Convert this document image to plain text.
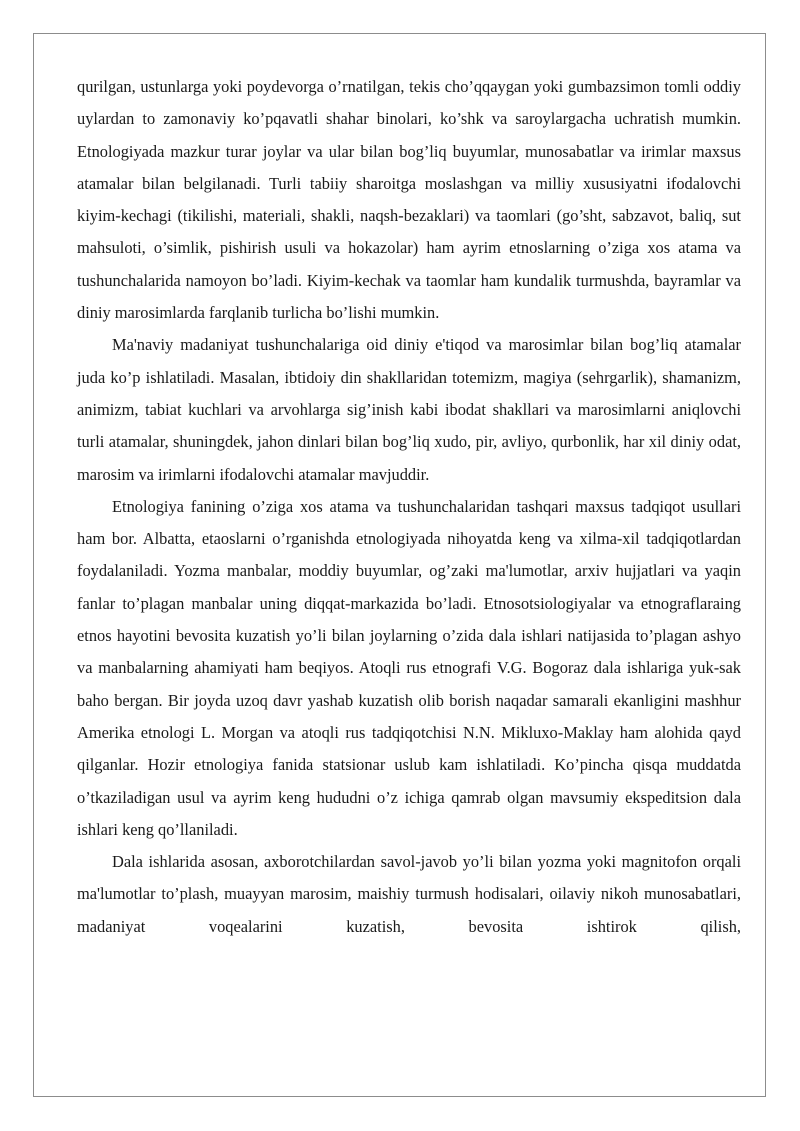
qurilgan, ustunlarga yoki poydevorga o’rnatilgan, tekis cho’qqaygan yoki gumbazsimon tomli oddiy uylardan to zamonaviy ko’pqavatli shahar binolari, ko’shk va saroylargacha uchratish mumkin. Etnologiyada mazkur turar joylar va ular bilan bog’liq buyumlar, munosabatlar va irimlar maxsus atamalar bilan belgilanadi. Turli tabiiy sharoitga moslashgan va milliy xususiyatni ifodalovchi kiyim-kechagi (tikilishi, materiali, shakli, naqsh-bezaklari) va taomlari (go’sht, sabzavot, baliq, sut mahsuloti, o’simlik, pishirish usuli va hokazolar) ham ayrim etnoslarning o’ziga xos atama va tushunchalarida namoyon bo’ladi. Kiyim-kechak va taomlar ham kundalik turmushda, bayramlar va diniy marosimlarda farqlanib turlicha bo’lishi mumkin.

Ma'naviy madaniyat tushunchalariga oid diniy e'tiqod va marosimlar bilan bog’liq atamalar juda ko’p ishlatiladi. Masalan, ibtidoiy din shakllaridan totemizm, magiya (sehrgarlik), shamanizm, animizm, tabiat kuchlari va arvohlarga sig’inish kabi ibodat shakllari va marosimlarni aniqlovchi turli atamalar, shuningdek, jahon dinlari bilan bog’liq xudo, pir, avliyo, qurbonlik, har xil diniy odat, marosim va irimlarni ifodalovchi atamalar mavjuddir.

Etnologiya fanining o’ziga xos atama va tushunchalaridan tashqari maxsus tadqiqot usullari ham bor. Albatta, etaoslarni o’rganishda etnologiyada nihoyatda keng va xilma-xil tadqiqotlardan foydalaniladi. Yozma manbalar, moddiy buyumlar, og’zaki ma'lumotlar, arxiv hujjatlari va yaqin fanlar to’plagan manbalar uning diqqat-markazida bo’ladi. Etnosotsiologiyalar va etnograflaraing etnos hayotini bevosita kuzatish yo’li bilan joylarning o’zida dala ishlari natijasida to’plagan ashyo va manbalarning ahamiyati ham beqiyos. Atoqli rus etnografi V.G. Bogoraz dala ishlariga yuk-sak baho bergan. Bir joyda uzoq davr yashab kuzatish olib borish naqadar samarali ekanligini mashhur Amerika etnologi L. Morgan va atoqli rus tadqiqotchisi N.N. Mikluxo-Maklay ham alohida qayd qilganlar. Hozir etnologiya fanida statsionar uslub kam ishlatiladi. Ko’pincha qisqa muddatda o’tkaziladigan usul va ayrim keng hududni o’z ichiga qamrab olgan mavsumiy ekspeditsion dala ishlari keng qo’llaniladi.

Dala ishlarida asosan, axborotchilardan savol-javob yo’li bilan yozma yoki magnitofon orqali ma'lumotlar to’plash, muayyan marosim, maishiy turmush hodisalari, oilaviy nikoh munosabatlari, madaniyat voqealarini kuzatish, bevosita ishtirok qilish,
